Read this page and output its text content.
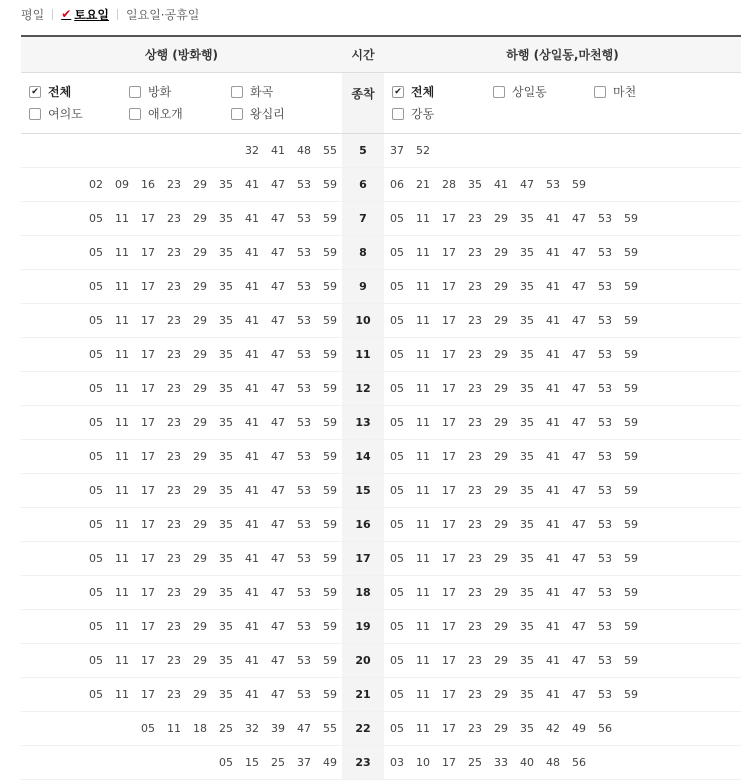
평일 ✔ 토요일 일요일·공휴일
상행 (방화행)	시간	하행 (상일동,마천행)
✔ 전체	방화	화곡
여의도	애오개	왕십리
종착	✔ 전체	상일동	마천
강동
32	41	48	55	5	37	52
02	09	16	23	29	35	41	47	53	59	6	06	21	28	35	41	47	53	59
05	11	17	23	29	35	41	47	53	59	7	05	11	17	23	29	35	41	47	53	59
05	11	17	23	29	35	41	47	53	59	8	05	11	17	23	29	35	41	47	53	59
05	11	17	23	29	35	41	47	53	59	9	05	11	17	23	29	35	41	47	53	59
05	11	17	23	29	35	41	47	53	59	10	05	11	17	23	29	35	41	47	53	59
05	11	17	23	29	35	41	47	53	59	11	05	11	17	23	29	35	41	47	53	59
05	11	17	23	29	35	41	47	53	59	12	05	11	17	23	29	35	41	47	53	59
05	11	17	23	29	35	41	47	53	59	13	05	11	17	23	29	35	41	47	53	59
05	11	17	23	29	35	41	47	53	59	14	05	11	17	23	29	35	41	47	53	59
05	11	17	23	29	35	41	47	53	59	15	05	11	17	23	29	35	41	47	53	59
05	11	17	23	29	35	41	47	53	59	16	05	11	17	23	29	35	41	47	53	59
05	11	17	23	29	35	41	47	53	59	17	05	11	17	23	29	35	41	47	53	59
05	11	17	23	29	35	41	47	53	59	18	05	11	17	23	29	35	41	47	53	59
05	11	17	23	29	35	41	47	53	59	19	05	11	17	23	29	35	41	47	53	59
05	11	17	23	29	35	41	47	53	59	20	05	11	17	23	29	35	41	47	53	59
05	11	17	23	29	35	41	47	53	59	21	05	11	17	23	29	35	41	47	53	59
05	11	18	25	32	39	47	55	22	05	11	17	23	29	35	42	49	56
05	15	25	37	49	23	03	10	17	25	33	40	48	56
